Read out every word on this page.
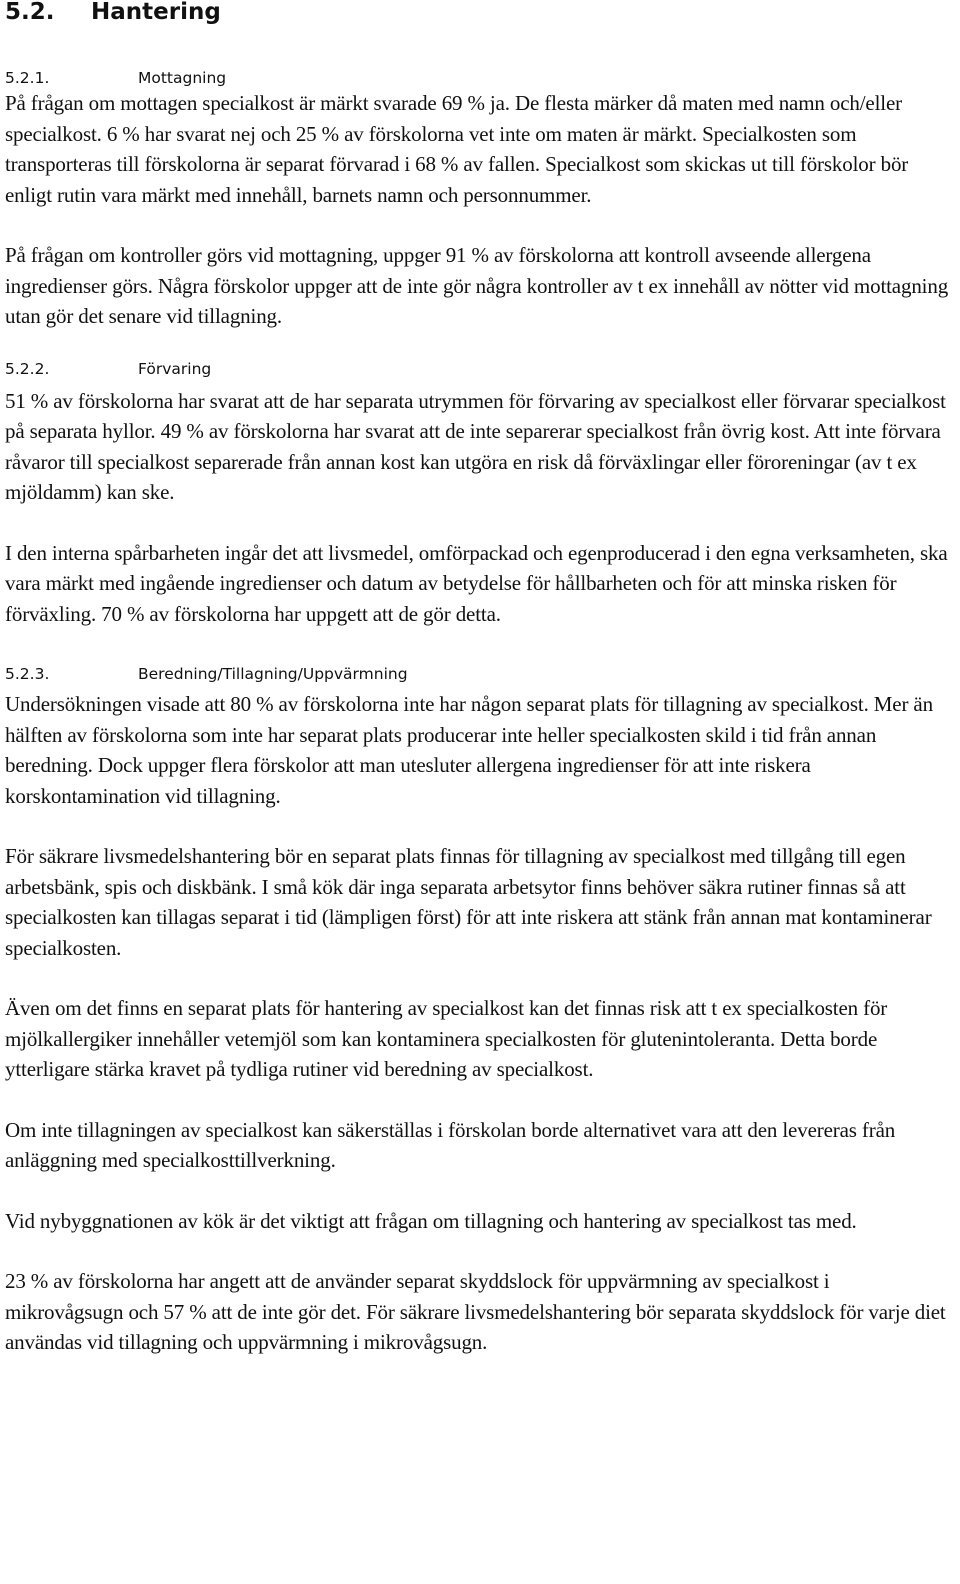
5.2. Hantering
5.2.1.	Mottagning

På frågan om mottagen specialkost är märkt svarade 69 % ja. De flesta märker då maten med namn och/eller specialkost. 6 % har svarat nej och 25 % av förskolorna vet inte om maten är märkt. Specialkosten som transporteras till förskolorna är separat förvarad i 68 % av fallen. Specialkost som skickas ut till förskolor bör enligt rutin vara märkt med innehåll, barnets namn och personnummer.

På frågan om kontroller görs vid mottagning, uppger 91 % av förskolorna att kontroll avseende allergena ingredienser görs. Några förskolor uppger att de inte gör några kontroller av t ex innehåll av nötter vid mottagning utan gör det senare vid tillagning.

5.2.2.	Förvaring

51 % av förskolorna har svarat att de har separata utrymmen för förvaring av specialkost eller förvarar specialkost på separata hyllor. 49 % av förskolorna har svarat att de inte separerar specialkost från övrig kost. Att inte förvara råvaror till specialkost separerade från annan kost kan utgöra en risk då förväxlingar eller föroreningar (av t ex mjöldamm) kan ske.

I den interna spårbarheten ingår det att livsmedel, omförpackad och egenproducerad i den egna verksamheten, ska vara märkt med ingående ingredienser och datum av betydelse för hållbarheten och för att minska risken för förväxling. 70 % av förskolorna har uppgett att de gör detta.

5.2.3.	Beredning/Tillagning/Uppvärmning

Undersökningen visade att 80 % av förskolorna inte har någon separat plats för tillagning av specialkost. Mer än hälften av förskolorna som inte har separat plats producerar inte heller specialkosten skild i tid från annan beredning. Dock uppger flera förskolor att man utesluter allergena ingredienser för att inte riskera korskontamination vid tillagning.

För säkrare livsmedelshantering bör en separat plats finnas för tillagning av specialkost med tillgång till egen arbetsbänk, spis och diskbänk. I små kök där inga separata arbetsytor finns behöver säkra rutiner finnas så att specialkosten kan tillagas separat i tid (lämpligen först) för att inte riskera att stänk från annan mat kontaminerar specialkosten.

Även om det finns en separat plats för hantering av specialkost kan det finnas risk att t ex specialkosten för mjölkallergiker innehåller vetemjöl som kan kontaminera specialkosten för glutenintoleranta. Detta borde ytterligare stärka kravet på tydliga rutiner vid beredning av specialkost.

Om inte tillagningen av specialkost kan säkerställas i förskolan borde alternativet vara att den levereras från anläggning med specialkosttillverkning.

Vid nybyggnationen av kök är det viktigt att frågan om tillagning och hantering av specialkost tas med.

23 % av förskolorna har angett att de använder separat skyddslock för uppvärmning av specialkost i mikrovågsugn och 57 % att de inte gör det. För säkrare livsmedelshantering bör separata skyddslock för varje diet användas vid tillagning och uppvärmning i mikrovågsugn.
